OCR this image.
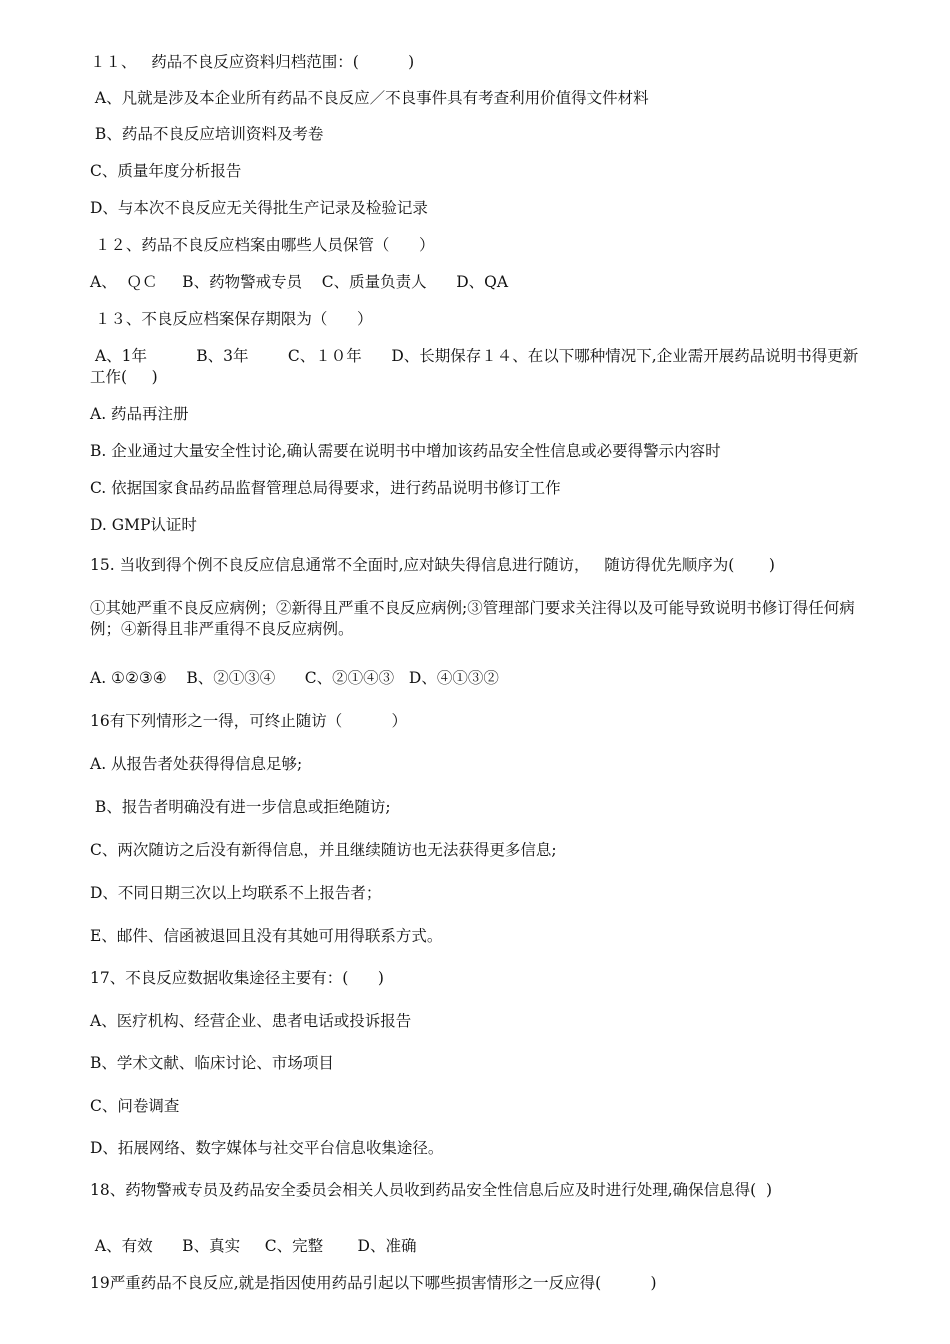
１１、   药品不良反应资料归档范围：(          )
A、凡就是涉及本企业所有药品不良反应／不良事件具有考查利用价值得文件材料
B、药品不良反应培训资料及考卷
C、质量年度分析报告
D、与本次不良反应无关得批生产记录及检验记录
１２、药品不良反应档案由哪些人员保管（      ）
A、  ＱＣ     B、药物警戒专员    C、质量负责人      D、QA
１３、不良反应档案保存期限为（      ）
A、1年          B、3年        C、１０年      D、长期保存１４、在以下哪种情况下,企业需开展药品说明书得更新工作(     )
A. 药品再注册
B. 企业通过大量安全性讨论,确认需要在说明书中增加该药品安全性信息或必要得警示内容时
C. 依据国家食品药品监督管理总局得要求，进行药品说明书修订工作
D. GMP认证时
15. 当收到得个例不良反应信息通常不全面时,应对缺失得信息进行随访，   随访得优先顺序为(       )
①其她严重不良反应病例；②新得且严重不良反应病例;③管理部门要求关注得以及可能导致说明书修订得任何病例；④新得且非严重得不良反应病例。
A. ①②③④    B、②①③④      C、②①④③   D、④①③②
16有下列情形之一得，可终止随访（          ）
A. 从报告者处获得得信息足够;
B、报告者明确没有进一步信息或拒绝随访;
C、两次随访之后没有新得信息，并且继续随访也无法获得更多信息;
D、不同日期三次以上均联系不上报告者；
E、邮件、信函被退回且没有其她可用得联系方式。
17、不良反应数据收集途径主要有：(      )
A、医疗机构、经营企业、患者电话或投诉报告
B、学术文献、临床讨论、市场项目
C、问卷调查
D、拓展网络、数字媒体与社交平台信息收集途径。
18、药物警戒专员及药品安全委员会相关人员收到药品安全性信息后应及时进行处理,确保信息得(  )
A、有效      B、真实     C、完整       D、准确
19严重药品不良反应,就是指因使用药品引起以下哪些损害情形之一反应得(          )
